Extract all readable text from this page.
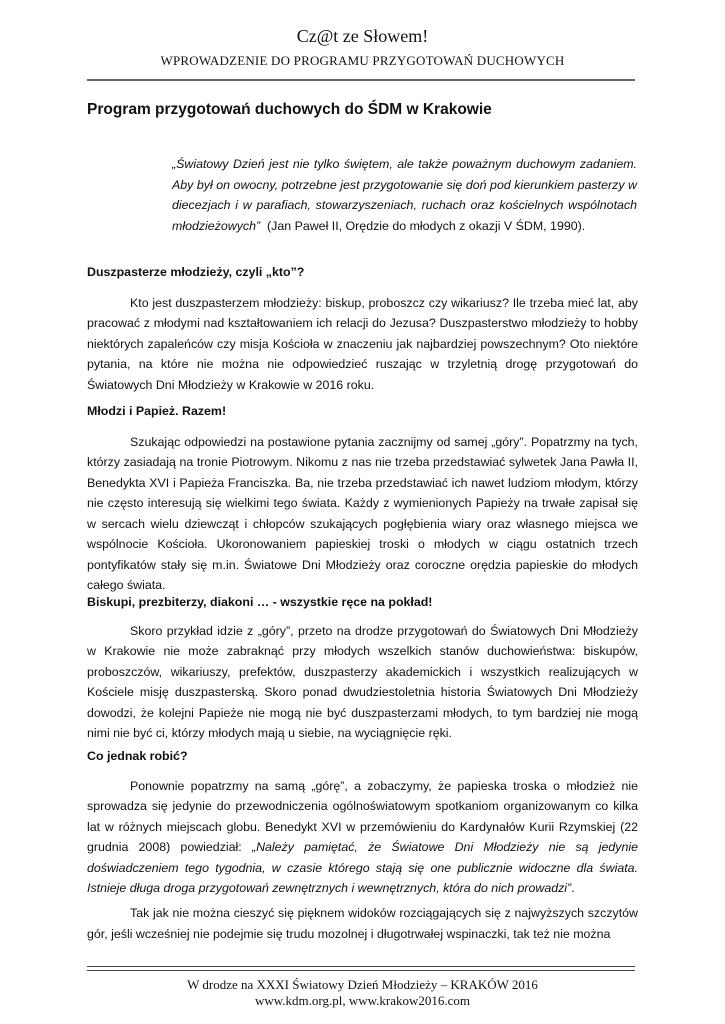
Cz@t ze Słowem!
WPROWADZENIE DO PROGRAMU PRZYGOTOWAŃ DUCHOWYCH
Program przygotowań duchowych do ŚDM w Krakowie
„Światowy Dzień jest nie tylko świętem, ale także poważnym duchowym zadaniem. Aby był on owocny, potrzebne jest przygotowanie się doń pod kierunkiem pasterzy w diecezjach i w parafiach, stowarzyszeniach, ruchach oraz kościelnych wspólnotach młodzieżowych” (Jan Paweł II, Orędzie do młodych z okazji V ŚDM, 1990).

Duszpasterze młodzieży, czyli „kto”?

Kto jest duszpasterzem młodzieży: biskup, proboszcz czy wikariusz? Ile trzeba mieć lat, aby pracować z młodymi nad kształtowaniem ich relacji do Jezusa? Duszpasterstwo młodzieży to hobby niektórych zapaleńców czy misja Kościoła w znaczeniu jak najbardziej powszechnym? Oto niektóre pytania, na które nie można nie odpowiedzieć ruszając w trzyletnią drogę przygotowań do Światowych Dni Młodzieży w Krakowie w 2016 roku.

Młodzi i Papież. Razem!

Szukając odpowiedzi na postawione pytania zacznijmy od samej „góry”. Popatrzmy na tych, którzy zasiadają na tronie Piotrowym. Nikomu z nas nie trzeba przedstawiać sylwetek Jana Pawła II, Benedykta XVI i Papieża Franciszka. Ba, nie trzeba przedstawiać ich nawet ludziom młodym, którzy nie często interesują się wielkimi tego świata. Każdy z wymienionych Papieży na trwałe zapisał się w sercach wielu dziewcząt i chłopców szukających pogłębienia wiary oraz własnego miejsca we wspólnocie Kościoła. Ukoronowaniem papieskiej troski o młodych w ciągu ostatnich trzech pontyfikatów stały się m.in. Światowe Dni Młodzieży oraz coroczne orędzia papieskie do młodych całego świata.

Biskupi, prezbiterzy, diakoni … - wszystkie ręce na pokład!

Skoro przykład idzie z „góry”, przeto na drodze przygotowań do Światowych Dni Młodzieży w Krakowie nie może zabraknąć przy młodych wszelkich stanów duchowieństwa: biskupów, proboszczów, wikariuszy, prefektów, duszpasterzy akademickich i wszystkich realizujących w Kościele misję duszpasterską. Skoro ponad dwudziestoletnia historia Światowych Dni Młodzieży dowodzi, że kolejni Papieże nie mogą nie być duszpasterzami młodych, to tym bardziej nie mogą nimi nie być ci, którzy młodych mają u siebie, na wyciągnięcie ręki.

Co jednak robić?

Ponownie popatrzmy na samą „górę”, a zobaczymy, że papieska troska o młodzież nie sprowadza się jedynie do przewodniczenia ogólnoświatowym spotkaniom organizowanym co kilka lat w różnych miejscach globu. Benedykt XVI w przemówieniu do Kardynałów Kurii Rzymskiej (22 grudnia 2008) powiedział: „Należy pamiętać, że Światowe Dni Młodzieży nie są jedynie doświadczeniem tego tygodnia, w czasie którego stają się one publicznie widoczne dla świata. Istnieje długa droga przygotowań zewnętrznych i wewnętrznych, która do nich prowadzi”.

Tak jak nie można cieszyć się pięknem widoków rozciągających się z najwyższych szczytów gór, jeśli wcześniej nie podejmie się trudu mozolnej i długotrwałej wspinaczki, tak też nie można

W drodze na XXXI Światowy Dzień Młodzieży – KRAKÓW 2016
www.kdm.org.pl, www.krakow2016.com
